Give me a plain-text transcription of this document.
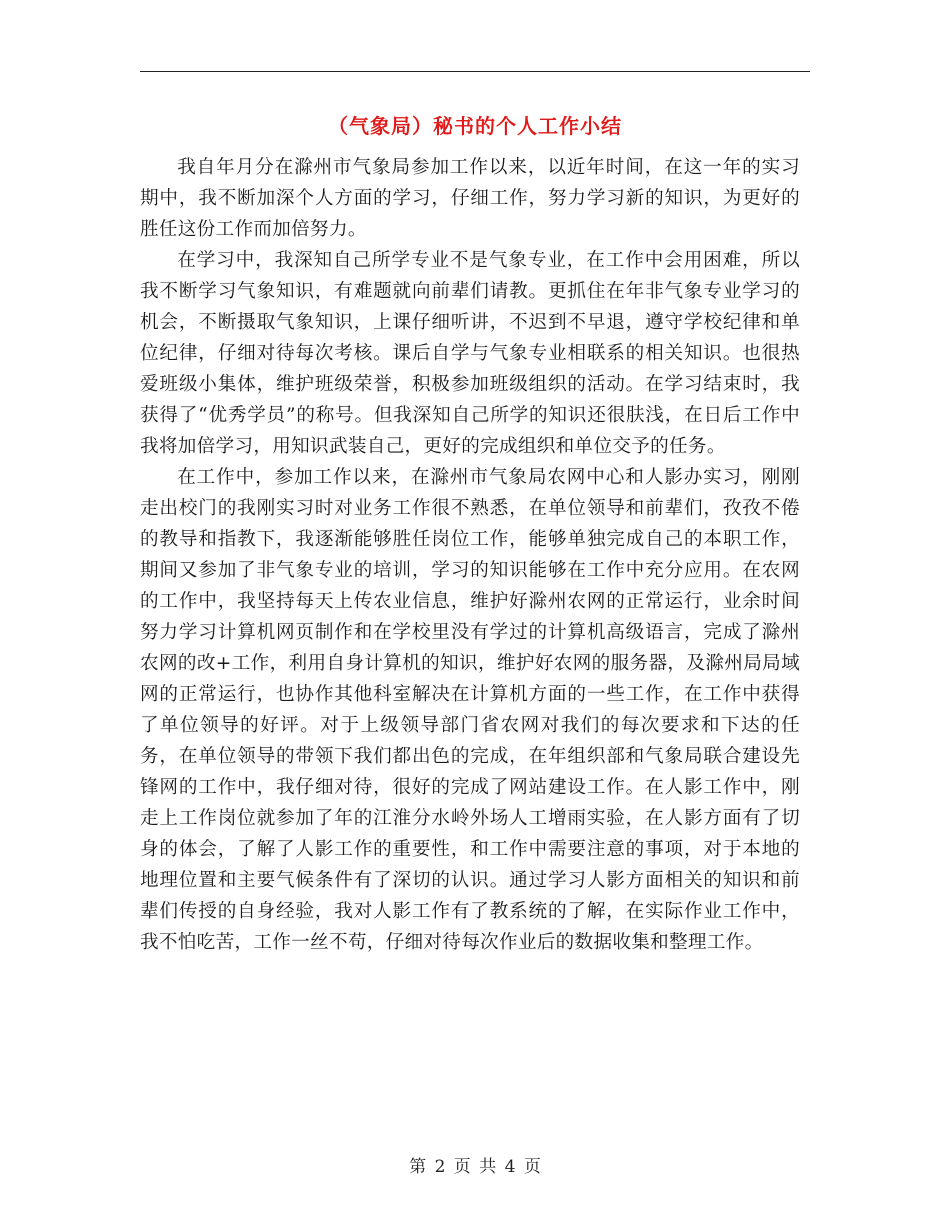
（气象局）秘书的个人工作小结

我自年月分在滁州市气象局参加工作以来，以近年时间，在这一年的实习期中，我不断加深个人方面的学习，仔细工作，努力学习新的知识，为更好的胜任这份工作而加倍努力。

在学习中，我深知自己所学专业不是气象专业，在工作中会用困难，所以我不断学习气象知识，有难题就向前辈们请教。更抓住在年非气象专业学习的机会，不断摄取气象知识，上课仔细听讲，不迟到不早退，遵守学校纪律和单位纪律，仔细对待每次考核。课后自学与气象专业相联系的相关知识。也很热爱班级小集体，维护班级荣誉，积极参加班级组织的活动。在学习结束时，我获得了“优秀学员”的称号。但我深知自己所学的知识还很肤浅，在日后工作中我将加倍学习，用知识武装自己，更好的完成组织和单位交予的任务。

在工作中，参加工作以来，在滁州市气象局农网中心和人影办实习，刚刚走出校门的我刚实习时对业务工作很不熟悉，在单位领导和前辈们，孜孜不倦的教导和指教下，我逐渐能够胜任岗位工作，能够单独完成自己的本职工作，期间又参加了非气象专业的培训，学习的知识能够在工作中充分应用。在农网的工作中，我坚持每天上传农业信息，维护好滁州农网的正常运行，业余时间努力学习计算机网页制作和在学校里没有学过的计算机高级语言，完成了滁州农网的改+工作，利用自身计算机的知识，维护好农网的服务器，及滁州局局域网的正常运行，也协作其他科室解决在计算机方面的一些工作，在工作中获得了单位领导的好评。对于上级领导部门省农网对我们的每次要求和下达的任务，在单位领导的带领下我们都出色的完成，在年组织部和气象局联合建设先锋网的工作中，我仔细对待，很好的完成了网站建设工作。在人影工作中，刚走上工作岗位就参加了年的江淮分水岭外场人工增雨实验，在人影方面有了切身的体会，了解了人影工作的重要性，和工作中需要注意的事项，对于本地的地理位置和主要气候条件有了深切的认识。通过学习人影方面相关的知识和前辈们传授的自身经验，我对人影工作有了教系统的了解，在实际作业工作中，我不怕吃苦，工作一丝不苟，仔细对待每次作业后的数据收集和整理工作。

第 2 页 共 4 页
